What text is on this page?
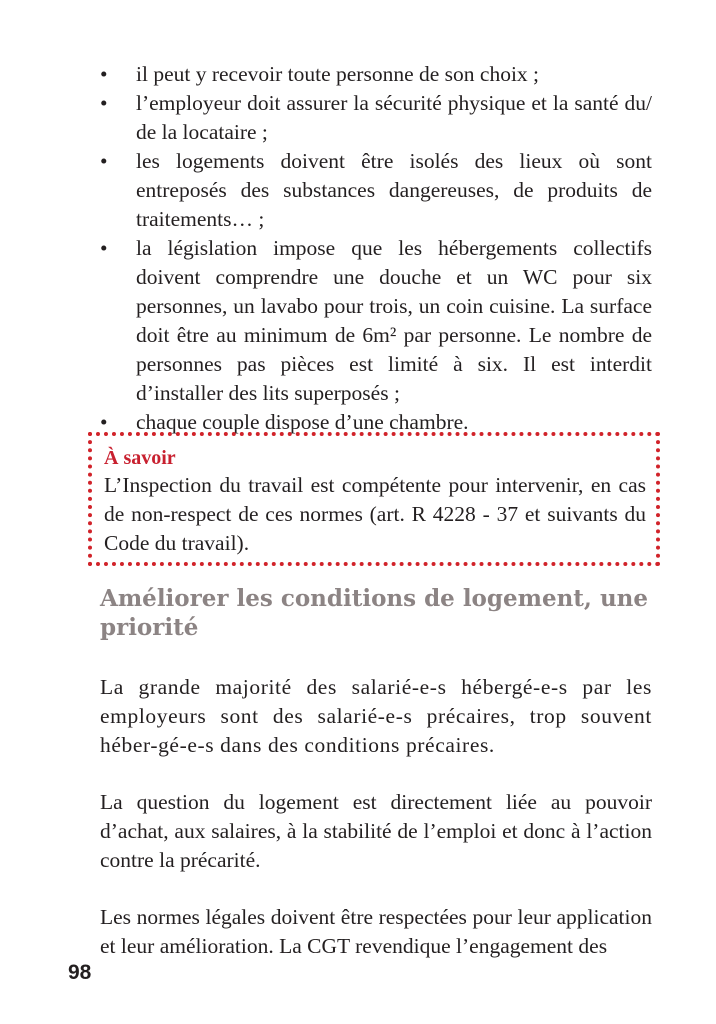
• il peut y recevoir toute personne de son choix ;
• l’employeur doit assurer la sécurité physique et la santé du/ de la locataire ;
• les logements doivent être isolés des lieux où sont entreposés des substances dangereuses, de produits de traitements… ;
• la législation impose que les hébergements collectifs doivent comprendre une douche et un WC pour six personnes, un lavabo pour trois, un coin cuisine. La surface doit être au minimum de 6m² par personne. Le nombre de personnes pas pièces est limité à six. Il est interdit d’installer des lits superposés ;
• chaque couple dispose d’une chambre.
À savoir
L’Inspection du travail est compétente pour intervenir, en cas de non-respect de ces normes (art. R 4228 - 37 et suivants du Code du travail).
Améliorer les conditions de logement, une priorité

La grande majorité des salarié-e-s hébergé-e-s par les employeurs sont des salarié-e-s précaires, trop souvent héber-gé-e-s dans des conditions précaires.

La question du logement est directement liée au pouvoir d’achat, aux salaires, à la stabilité de l’emploi et donc à l’action contre la précarité.

Les normes légales doivent être respectées pour leur application et leur amélioration. La CGT revendique l’engagement des

98
